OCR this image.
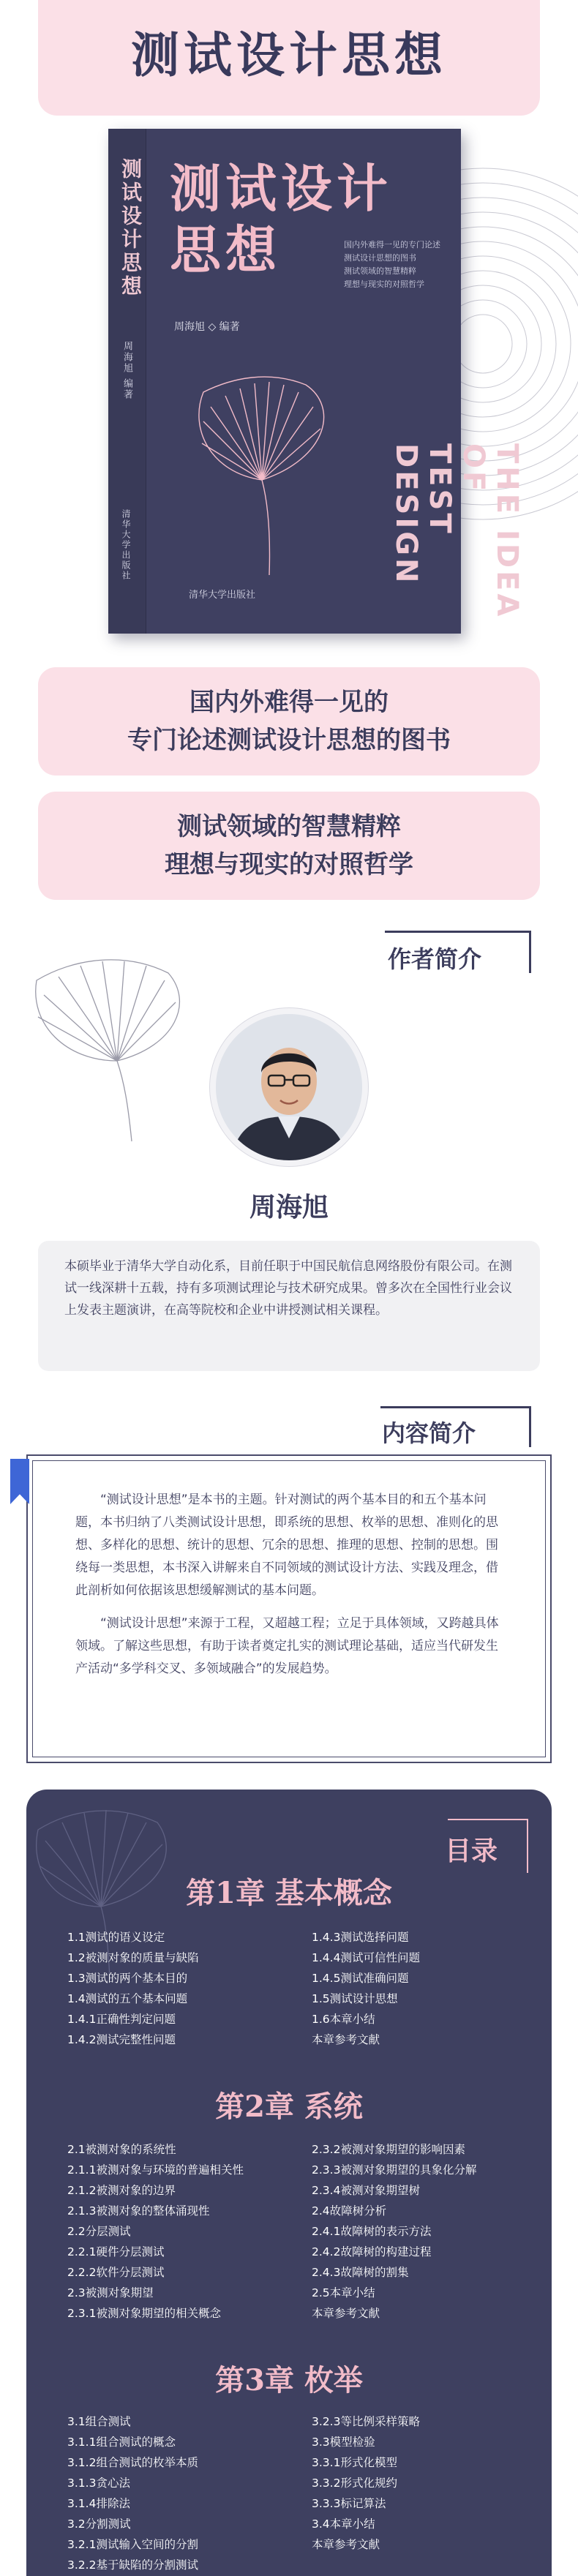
测试设计思想
测试设计思想
周海旭 编著
清华大学出版社
测试设计
思想	国内外难得一见的专门论述
测试设计思想的图书
测试领域的智慧精粹
理想与现实的对照哲学
周海旭 ◇ 编著
THE IDEA OF
TEST
DESIGN
清华大学出版社
国内外难得一见的
专门论述测试设计思想的图书
测试领域的智慧精粹
理想与现实的对照哲学
作者简介
周海旭
本硕毕业于清华大学自动化系，目前任职于中国民航信息网络股份有限公司。在测试一线深耕十五载，持有多项测试理论与技术研究成果。曾多次在全国性行业会议上发表主题演讲，在高等院校和企业中讲授测试相关课程。
内容简介

“测试设计思想”是本书的主题。针对测试的两个基本目的和五个基本问题，本书归纳了八类测试设计思想，即系统的思想、枚举的思想、准则化的思想、多样化的思想、统计的思想、冗余的思想、推理的思想、控制的思想。围绕每一类思想，本书深入讲解来自不同领域的测试设计方法、实践及理念，借此剖析如何依据该思想缓解测试的基本问题。

“测试设计思想”来源于工程，又超越工程；立足于具体领域，又跨越具体领域。了解这些思想，有助于读者奠定扎实的测试理论基础，适应当代研发生产活动“多学科交叉、多领域融合”的发展趋势。

目录
第1章 基本概念
1.1测试的语义设定
1.2被测对象的质量与缺陷
1.3测试的两个基本目的
1.4测试的五个基本问题
1.4.1正确性判定问题
1.4.2测试完整性问题
1.4.3测试选择问题
1.4.4测试可信性问题
1.4.5测试准确问题
1.5测试设计思想
1.6本章小结
本章参考文献
第2章 系统
2.1被测对象的系统性
2.1.1被测对象与环境的普遍相关性
2.1.2被测对象的边界
2.1.3被测对象的整体涌现性
2.2分层测试
2.2.1硬件分层测试
2.2.2软件分层测试
2.3被测对象期望
2.3.1被测对象期望的相关概念
2.3.2被测对象期望的影响因素
2.3.3被测对象期望的具象化分解
2.3.4被测对象期望树
2.4故障树分析
2.4.1故障树的表示方法
2.4.2故障树的构建过程
2.4.3故障树的割集
2.5本章小结
本章参考文献
第3章 枚举
3.1组合测试
3.1.1组合测试的概念
3.1.2组合测试的枚举本质
3.1.3贪心法
3.1.4排除法
3.2分割测试
3.2.1测试输入空间的分割
3.2.2基于缺陷的分割测试
3.2.3等比例采样策略
3.3模型检验
3.3.1形式化模型
3.3.2形式化规约
3.3.3标记算法
3.4本章小结
本章参考文献
